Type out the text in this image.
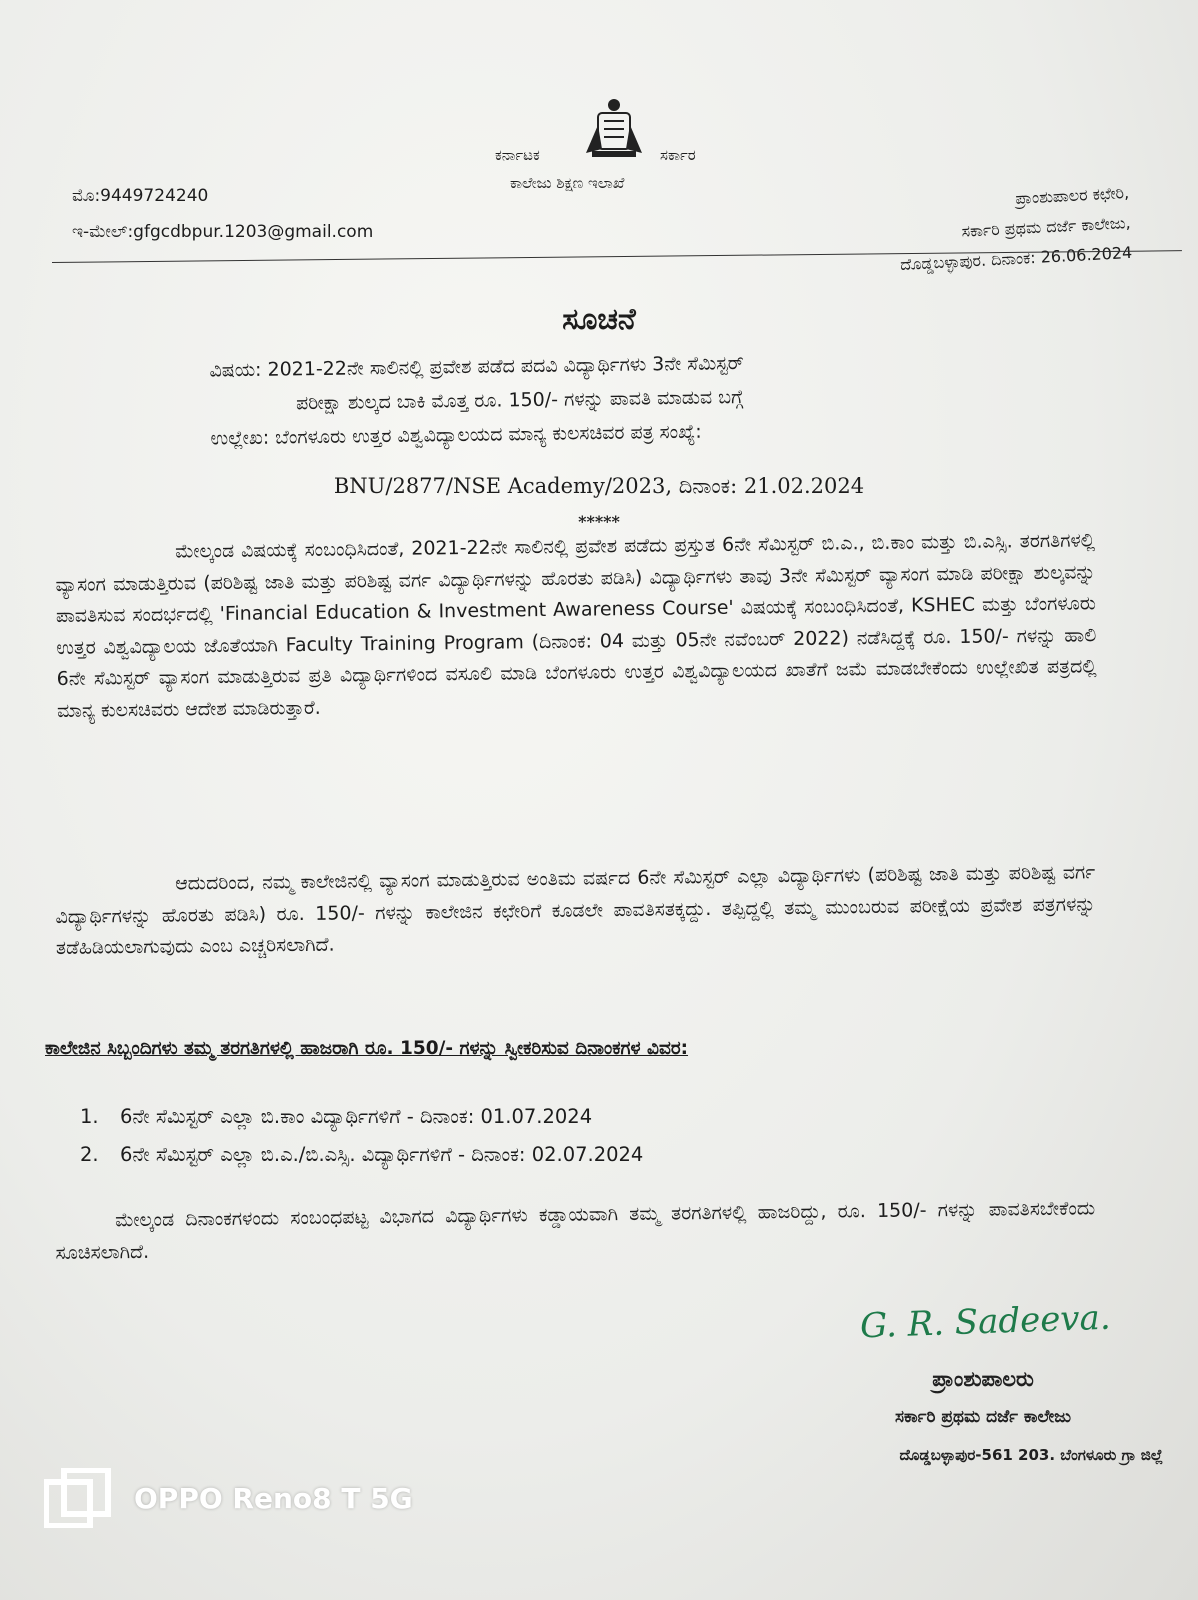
ಕರ್ನಾಟಕ	ಸರ್ಕಾರ
ಕಾಲೇಜು ಶಿಕ್ಷಣ ಇಲಾಖೆ
ಮೊ:9449724240
ಇ-ಮೇಲ್:gfgcdbpur.1203@gmail.com
ಪ್ರಾಂಶುಪಾಲರ ಕಛೇರಿ,
ಸರ್ಕಾರಿ ಪ್ರಥಮ ದರ್ಜೆ ಕಾಲೇಜು,
ದೊಡ್ಡಬಳ್ಳಾಪುರ. ದಿನಾಂಕ: 26.06.2024
ಸೂಚನೆ
ವಿಷಯ: 2021-22ನೇ ಸಾಲಿನಲ್ಲಿ ಪ್ರವೇಶ ಪಡೆದ ಪದವಿ ವಿದ್ಯಾರ್ಥಿಗಳು 3ನೇ ಸೆಮಿಸ್ಟರ್
ಪರೀಕ್ಷಾ ಶುಲ್ಕದ ಬಾಕಿ ಮೊತ್ತ ರೂ. 150/- ಗಳನ್ನು ಪಾವತಿ ಮಾಡುವ ಬಗ್ಗೆ
ಉಲ್ಲೇಖ: ಬೆಂಗಳೂರು ಉತ್ತರ ವಿಶ್ವವಿದ್ಯಾಲಯದ ಮಾನ್ಯ ಕುಲಸಚಿವರ ಪತ್ರ ಸಂಖ್ಯೆ:
BNU/2877/NSE Academy/2023, ದಿನಾಂಕ: 21.02.2024
*****
ಮೇಲ್ಕಂಡ ವಿಷಯಕ್ಕೆ ಸಂಬಂಧಿಸಿದಂತೆ, 2021-22ನೇ ಸಾಲಿನಲ್ಲಿ ಪ್ರವೇಶ ಪಡೆದು ಪ್ರಸ್ತುತ 6ನೇ ಸೆಮಿಸ್ಟರ್ ಬಿ.ಎ., ಬಿ.ಕಾಂ ಮತ್ತು ಬಿ.ಎಸ್ಸಿ. ತರಗತಿಗಳಲ್ಲಿ ವ್ಯಾಸಂಗ ಮಾಡುತ್ತಿರುವ (ಪರಿಶಿಷ್ಟ ಜಾತಿ ಮತ್ತು ಪರಿಶಿಷ್ಟ ವರ್ಗ ವಿದ್ಯಾರ್ಥಿಗಳನ್ನು ಹೊರತು ಪಡಿಸಿ) ವಿದ್ಯಾರ್ಥಿಗಳು ತಾವು 3ನೇ ಸೆಮಿಸ್ಟರ್ ವ್ಯಾಸಂಗ ಮಾಡಿ ಪರೀಕ್ಷಾ ಶುಲ್ಕವನ್ನು ಪಾವತಿಸುವ ಸಂದರ್ಭದಲ್ಲಿ 'Financial Education & Investment Awareness Course' ವಿಷಯಕ್ಕೆ ಸಂಬಂಧಿಸಿದಂತೆ, KSHEC ಮತ್ತು ಬೆಂಗಳೂರು ಉತ್ತರ ವಿಶ್ವವಿದ್ಯಾಲಯ ಜೊತೆಯಾಗಿ Faculty Training Program (ದಿನಾಂಕ: 04 ಮತ್ತು 05ನೇ ನವೆಂಬರ್ 2022) ನಡೆಸಿದ್ದಕ್ಕೆ ರೂ. 150/- ಗಳನ್ನು ಹಾಲಿ 6ನೇ ಸೆಮಿಸ್ಟರ್ ವ್ಯಾಸಂಗ ಮಾಡುತ್ತಿರುವ ಪ್ರತಿ ವಿದ್ಯಾರ್ಥಿಗಳಿಂದ ವಸೂಲಿ ಮಾಡಿ ಬೆಂಗಳೂರು ಉತ್ತರ ವಿಶ್ವವಿದ್ಯಾಲಯದ ಖಾತೆಗೆ ಜಮೆ ಮಾಡಬೇಕೆಂದು ಉಲ್ಲೇಖಿತ ಪತ್ರದಲ್ಲಿ ಮಾನ್ಯ ಕುಲಸಚಿವರು ಆದೇಶ ಮಾಡಿರುತ್ತಾರೆ.
ಆದುದರಿಂದ, ನಮ್ಮ ಕಾಲೇಜಿನಲ್ಲಿ ವ್ಯಾಸಂಗ ಮಾಡುತ್ತಿರುವ ಅಂತಿಮ ವರ್ಷದ 6ನೇ ಸೆಮಿಸ್ಟರ್ ಎಲ್ಲಾ ವಿದ್ಯಾರ್ಥಿಗಳು (ಪರಿಶಿಷ್ಟ ಜಾತಿ ಮತ್ತು ಪರಿಶಿಷ್ಟ ವರ್ಗ ವಿದ್ಯಾರ್ಥಿಗಳನ್ನು ಹೊರತು ಪಡಿಸಿ) ರೂ. 150/- ಗಳನ್ನು ಕಾಲೇಜಿನ ಕಛೇರಿಗೆ ಕೂಡಲೇ ಪಾವತಿಸತಕ್ಕದ್ದು. ತಪ್ಪಿದ್ದಲ್ಲಿ ತಮ್ಮ ಮುಂಬರುವ ಪರೀಕ್ಷೆಯ ಪ್ರವೇಶ ಪತ್ರಗಳನ್ನು ತಡೆಹಿಡಿಯಲಾಗುವುದು ಎಂಬ ಎಚ್ಚರಿಸಲಾಗಿದೆ.
ಕಾಲೇಜಿನ ಸಿಬ್ಬಂದಿಗಳು ತಮ್ಮ ತರಗತಿಗಳಲ್ಲಿ ಹಾಜರಾಗಿ ರೂ. 150/- ಗಳನ್ನು ಸ್ವೀಕರಿಸುವ ದಿನಾಂಕಗಳ ವಿವರ:
1. 6ನೇ ಸೆಮಿಸ್ಟರ್ ಎಲ್ಲಾ ಬಿ.ಕಾಂ ವಿದ್ಯಾರ್ಥಿಗಳಿಗೆ - ದಿನಾಂಕ: 01.07.2024
2. 6ನೇ ಸೆಮಿಸ್ಟರ್ ಎಲ್ಲಾ ಬಿ.ಎ./ಬಿ.ಎಸ್ಸಿ. ವಿದ್ಯಾರ್ಥಿಗಳಿಗೆ - ದಿನಾಂಕ: 02.07.2024
ಮೇಲ್ಕಂಡ ದಿನಾಂಕಗಳಂದು ಸಂಬಂಧಪಟ್ಟ ವಿಭಾಗದ ವಿದ್ಯಾರ್ಥಿಗಳು ಕಡ್ಡಾಯವಾಗಿ ತಮ್ಮ ತರಗತಿಗಳಲ್ಲಿ ಹಾಜರಿದ್ದು, ರೂ. 150/- ಗಳನ್ನು ಪಾವತಿಸಬೇಕೆಂದು ಸೂಚಿಸಲಾಗಿದೆ.
G. R. Sadeeva.
ಪ್ರಾಂಶುಪಾಲರು
ಸರ್ಕಾರಿ ಪ್ರಥಮ ದರ್ಜೆ ಕಾಲೇಜು
ದೊಡ್ಡಬಳ್ಳಾಪುರ-561 203. ಬೆಂಗಳೂರು ಗ್ರಾ ಜಿಲ್ಲೆ
OPPO Reno8 T 5G
